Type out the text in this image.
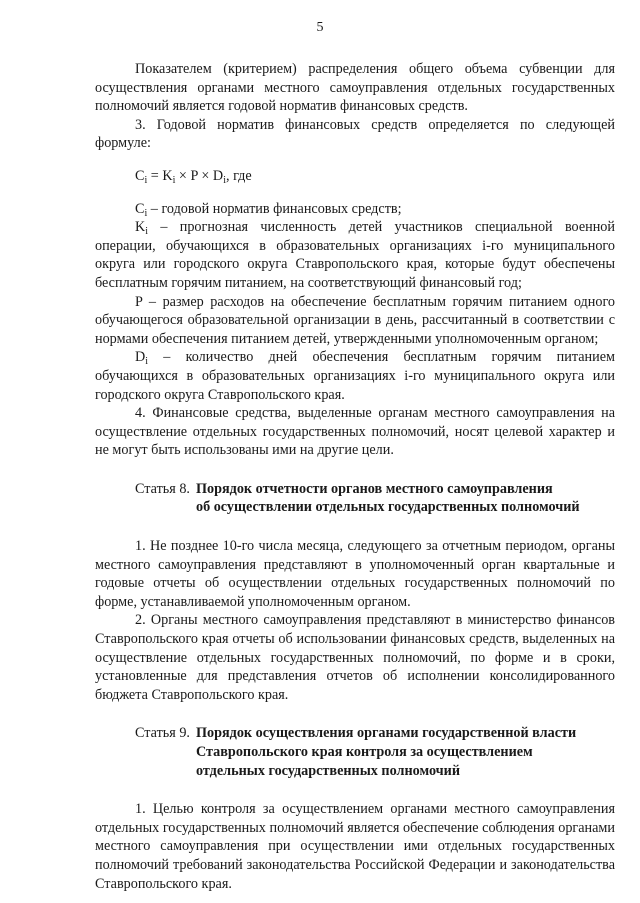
5

Показателем (критерием) распределения общего объема субвенции для осуществления органами местного самоуправления отдельных государственных полномочий является годовой норматив финансовых средств.

3. Годовой норматив финансовых средств определяется по следующей формуле:

$C_i = K_i \times P \times D_i$, где

$C_i$ – годовой норматив финансовых средств;

$K_i$ – прогнозная численность детей участников специальной военной операции, обучающихся в образовательных организациях i-го муниципального округа или городского округа Ставропольского края, которые будут обеспечены бесплатным горячим питанием, на соответствующий финансовый год;

P – размер расходов на обеспечение бесплатным горячим питанием одного обучающегося образовательной организации в день, рассчитанный в соответствии с нормами обеспечения питанием детей, утвержденными уполномоченным органом;

$D_i$ – количество дней обеспечения бесплатным горячим питанием обучающихся в образовательных организациях i-го муниципального округа или городского округа Ставропольского края.

4. Финансовые средства, выделенные органам местного самоуправления на осуществление отдельных государственных полномочий, носят целевой характер и не могут быть использованы ими на другие цели.

Статья 8. Порядок отчетности органов местного самоуправления
об осуществлении отдельных государственных полномочий

1. Не позднее 10-го числа месяца, следующего за отчетным периодом, органы местного самоуправления представляют в уполномоченный орган квартальные и годовые отчеты об осуществлении отдельных государственных полномочий по форме, устанавливаемой уполномоченным органом.

2. Органы местного самоуправления представляют в министерство финансов Ставропольского края отчеты об использовании финансовых средств, выделенных на осуществление отдельных государственных полномочий, по форме и в сроки, установленные для представления отчетов об исполнении консолидированного бюджета Ставропольского края.

Статья 9. Порядок осуществления органами государственной власти
Ставропольского края контроля за осуществлением
отдельных государственных полномочий

1. Целью контроля за осуществлением органами местного самоуправления отдельных государственных полномочий является обеспечение соблюдения органами местного самоуправления при осуществлении ими отдельных государственных полномочий требований законодательства Российской Федерации и законодательства Ставропольского края.
